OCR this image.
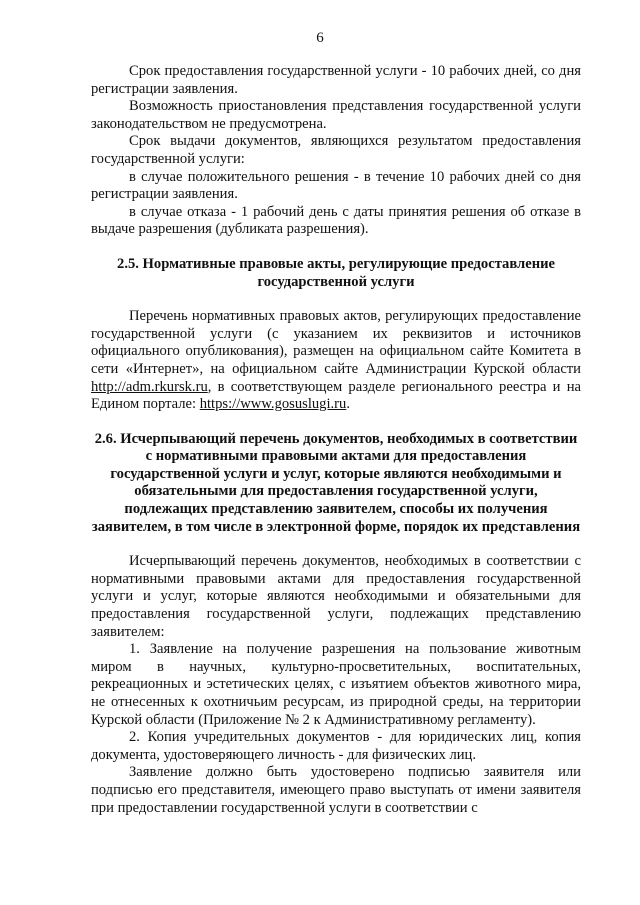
6

Срок предоставления государственной услуги - 10 рабочих дней, со дня регистрации заявления.

Возможность приостановления представления государственной услуги законодательством не предусмотрена.

Срок выдачи документов, являющихся результатом предоставления государственной услуги:

в случае положительного решения - в течение 10 рабочих дней со дня регистрации заявления.

в случае отказа - 1 рабочий день с даты принятия решения об отказе в выдаче разрешения (дубликата разрешения).

2.5. Нормативные правовые акты, регулирующие предоставление государственной услуги

Перечень нормативных правовых актов, регулирующих предоставление государственной услуги (с указанием их реквизитов и источников официального опубликования), размещен на официальном сайте Комитета в сети «Интернет», на официальном сайте Администрации Курской области http://adm.rkursk.ru, в соответствующем разделе регионального реестра и на Едином портале: https://www.gosuslugi.ru.

2.6. Исчерпывающий перечень документов, необходимых в соответствии с нормативными правовыми актами для предоставления государственной услуги и услуг, которые являются необходимыми и обязательными для предоставления государственной услуги, подлежащих представлению заявителем, способы их получения заявителем, в том числе в электронной форме, порядок их представления

Исчерпывающий перечень документов, необходимых в соответствии с нормативными правовыми актами для предоставления государственной услуги и услуг, которые являются необходимыми и обязательными для предоставления государственной услуги, подлежащих представлению заявителем:

1. Заявление на получение разрешения на пользование животным миром в научных, культурно-просветительных, воспитательных, рекреационных и эстетических целях, с изъятием объектов животного мира, не отнесенных к охотничьим ресурсам, из природной среды, на территории Курской области (Приложение № 2 к Административному регламенту).

2. Копия учредительных документов - для юридических лиц, копия документа, удостоверяющего личность - для физических лиц.

Заявление должно быть удостоверено подписью заявителя или подписью его представителя, имеющего право выступать от имени заявителя при предоставлении государственной услуги в соответствии с
